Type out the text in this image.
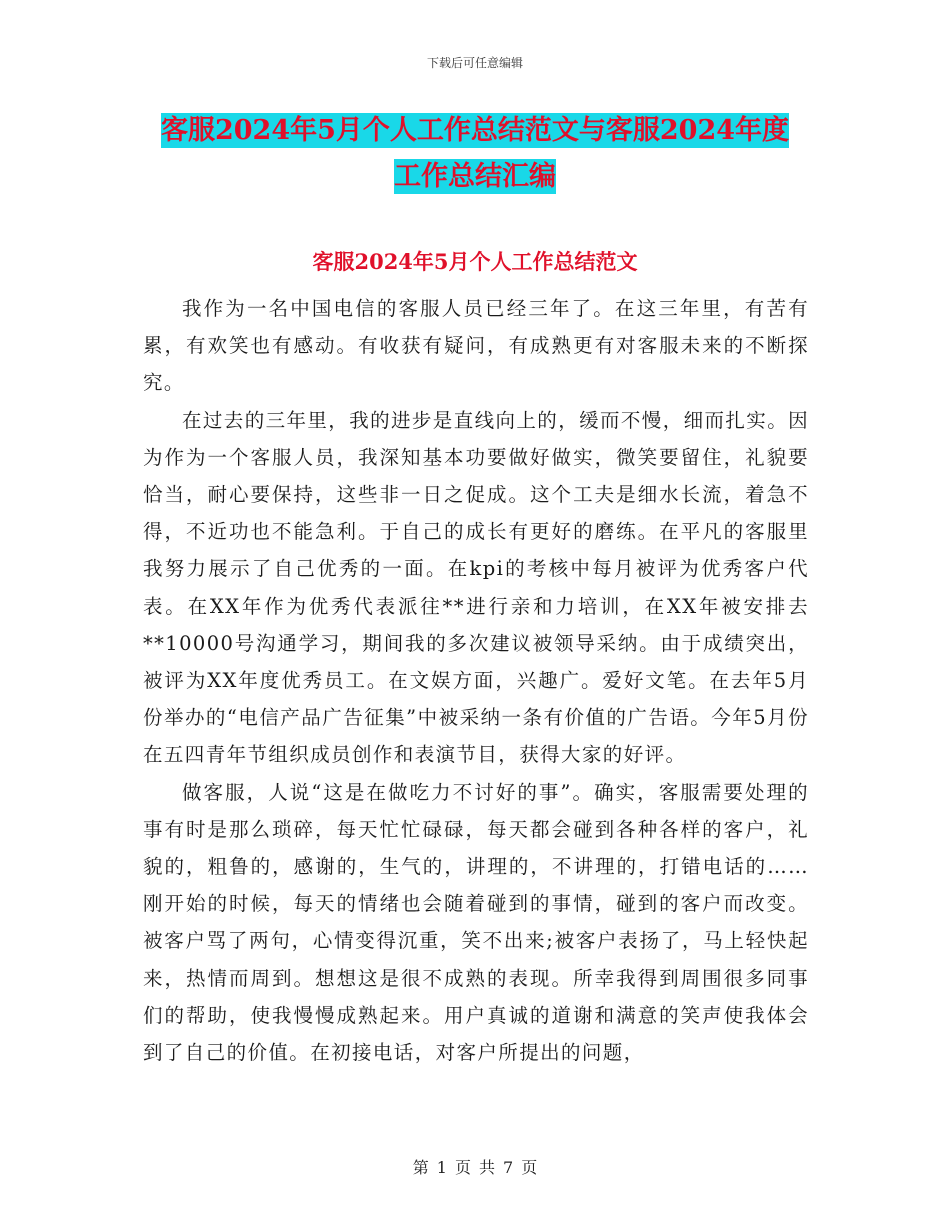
下载后可任意编辑
客服2024年5月个人工作总结范文与客服2024年度
工作总结汇编
客服2024年5月个人工作总结范文

我作为一名中国电信的客服人员已经三年了。在这三年里，有苦有累，有欢笑也有感动。有收获有疑问，有成熟更有对客服未来的不断探究。

在过去的三年里，我的进步是直线向上的，缓而不慢，细而扎实。因为作为一个客服人员，我深知基本功要做好做实，微笑要留住，礼貌要恰当，耐心要保持，这些非一日之促成。这个工夫是细水长流，着急不得，不近功也不能急利。于自己的成长有更好的磨练。在平凡的客服里我努力展示了自己优秀的一面。在kpi的考核中每月被评为优秀客户代表。在XX年作为优秀代表派往**进行亲和力培训，在XX年被安排去**10000号沟通学习，期间我的多次建议被领导采纳。由于成绩突出，被评为XX年度优秀员工。在文娱方面，兴趣广。爱好文笔。在去年5月份举办的“电信产品广告征集”中被采纳一条有价值的广告语。今年5月份在五四青年节组织成员创作和表演节目，获得大家的好评。

做客服，人说“这是在做吃力不讨好的事”。确实，客服需要处理的事有时是那么琐碎，每天忙忙碌碌，每天都会碰到各种各样的客户，礼貌的，粗鲁的，感谢的，生气的，讲理的，不讲理的，打错电话的……刚开始的时候，每天的情绪也会随着碰到的事情，碰到的客户而改变。被客户骂了两句，心情变得沉重，笑不出来;被客户表扬了，马上轻快起来，热情而周到。想想这是很不成熟的表现。所幸我得到周围很多同事们的帮助，使我慢慢成熟起来。用户真诚的道谢和满意的笑声使我体会到了自己的价值。在初接电话，对客户所提出的问题，

第 1 页 共 7 页
